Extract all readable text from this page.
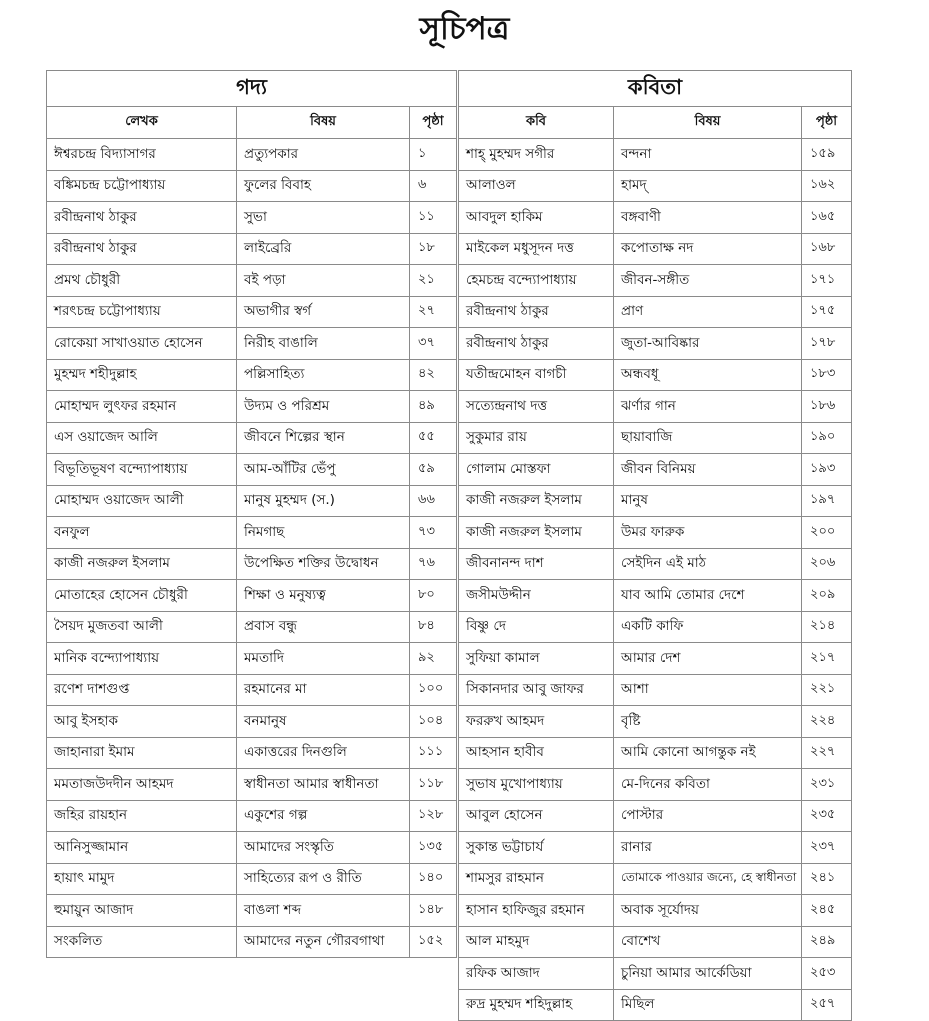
সূচিপত্র
গদ্য		
লেখক	বিষয়	পৃষ্ঠা
ঈশ্বরচন্দ্র বিদ্যাসাগর	প্রত্যুপকার	১
বঙ্কিমচন্দ্র চট্টোপাধ্যায়	ফুলের বিবাহ	৬
রবীন্দ্রনাথ ঠাকুর	সুভা	১১
রবীন্দ্রনাথ ঠাকুর	লাইব্রেরি	১৮
প্রমথ চৌধুরী	বই পড়া	২১
শরৎচন্দ্র চট্টোপাধ্যায়	অভাগীর স্বর্গ	২৭
রোকেয়া সাখাওয়াত হোসেন	নিরীহ বাঙালি	৩৭
মুহম্মদ শহীদুল্লাহ	পল্লিসাহিত্য	৪২
মোহাম্মদ লুৎফর রহমান	উদ্যম ও পরিশ্রম	৪৯
এস ওয়াজেদ আলি	জীবনে শিল্পের স্থান	৫৫
বিভূতিভূষণ বন্দ্যোপাধ্যায়	আম-আঁটির ভেঁপু	৫৯
মোহাম্মদ ওয়াজেদ আলী	মানুষ মুহম্মদ (স.)	৬৬
বনফুল	নিমগাছ	৭৩
কাজী নজরুল ইসলাম	উপেক্ষিত শক্তির উদ্বোধন	৭৬
মোতাহের হোসেন চৌধুরী	শিক্ষা ও মনুষ্যত্ব	৮০
সৈয়দ মুজতবা আলী	প্রবাস বন্ধু	৮৪
মানিক বন্দ্যোপাধ্যায়	মমতাদি	৯২
রণেশ দাশগুপ্ত	রহমানের মা	১০০
আবু ইসহাক	বনমানুষ	১০৪
জাহানারা ইমাম	একাত্তরের দিনগুলি	১১১
মমতাজউদদীন আহমদ	স্বাধীনতা আমার স্বাধীনতা	১১৮
জহির রায়হান	একুশের গল্প	১২৮
আনিসুজ্জামান	আমাদের সংস্কৃতি	১৩৫
হায়াৎ মামুদ	সাহিত্যের রূপ ও রীতি	১৪০
হুমায়ুন আজাদ	বাঙলা শব্দ	১৪৮
সংকলিত	আমাদের নতুন গৌরবগাথা	১৫২
কবিতা		
কবি	বিষয়	পৃষ্ঠা
শাহ্ মুহম্মদ সগীর	বন্দনা	১৫৯
আলাওল	হামদ্	১৬২
আবদুল হাকিম	বঙ্গবাণী	১৬৫
মাইকেল মধুসূদন দত্ত	কপোতাক্ষ নদ	১৬৮
হেমচন্দ্র বন্দ্যোপাধ্যায়	জীবন-সঙ্গীত	১৭১
রবীন্দ্রনাথ ঠাকুর	প্রাণ	১৭৫
রবীন্দ্রনাথ ঠাকুর	জুতা-আবিষ্কার	১৭৮
যতীন্দ্রমোহন বাগচী	অন্ধবধূ	১৮৩
সত্যেন্দ্রনাথ দত্ত	ঝর্ণার গান	১৮৬
সুকুমার রায়	ছায়াবাজি	১৯০
গোলাম মোস্তফা	জীবন বিনিময়	১৯৩
কাজী নজরুল ইসলাম	মানুষ	১৯৭
কাজী নজরুল ইসলাম	উমর ফারুক	২০০
জীবনানন্দ দাশ	সেইদিন এই মাঠ	২০৬
জসীমউদ্দীন	যাব আমি তোমার দেশে	২০৯
বিষ্ণু দে	একটি কাফি	২১৪
সুফিয়া কামাল	আমার দেশ	২১৭
সিকানদার আবু জাফর	আশা	২২১
ফররুখ আহমদ	বৃষ্টি	২২৪
আহসান হাবীব	আমি কোনো আগন্তুক নই	২২৭
সুভাষ মুখোপাধ্যায়	মে-দিনের কবিতা	২৩১
আবুল হোসেন	পোস্টার	২৩৫
সুকান্ত ভট্টাচার্য	রানার	২৩৭
শামসুর রাহমান	তোমাকে পাওয়ার জন্যে, হে স্বাধীনতা	২৪১
হাসান হাফিজুর রহমান	অবাক সূর্যোদয়	২৪৫
আল মাহমুদ	বোশেখ	২৪৯
রফিক আজাদ	চুনিয়া আমার আর্কেডিয়া	২৫৩
রুদ্র মুহম্মদ শহিদুল্লাহ	মিছিল	২৫৭
